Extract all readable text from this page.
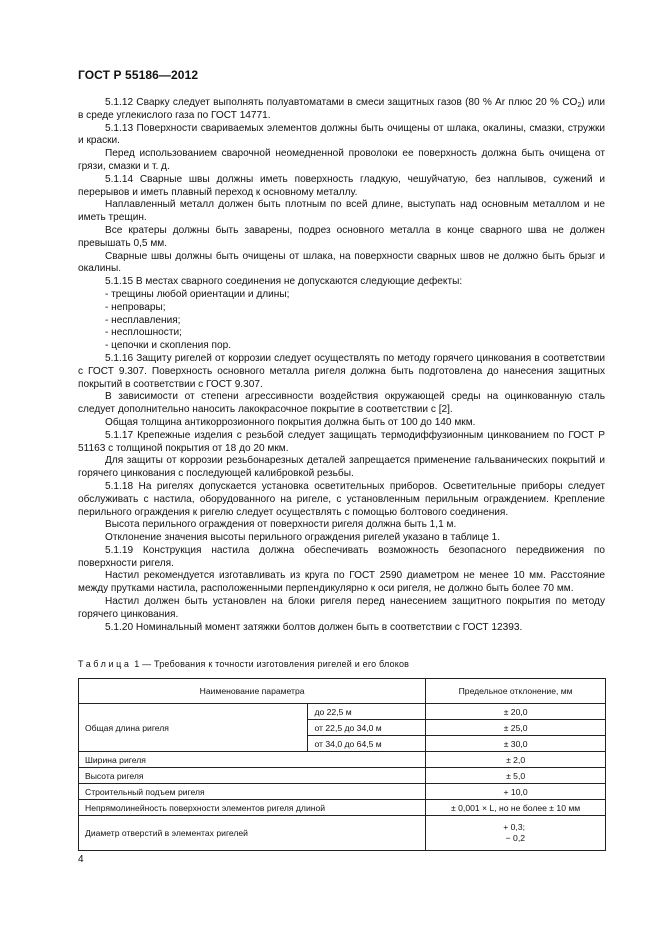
ГОСТ Р 55186—2012

5.1.12 Сварку следует выполнять полуавтоматами в смеси защитных газов (80 % Ar плюс 20 % $CO_2$) или в среде углекислого газа по ГОСТ 14771.

5.1.13 Поверхности свариваемых элементов должны быть очищены от шлака, окалины, смазки, стружки и краски.

Перед использованием сварочной неомедненной проволоки ее поверхность должна быть очищена от грязи, смазки и т. д.

5.1.14 Сварные швы должны иметь поверхность гладкую, чешуйчатую, без наплывов, сужений и перерывов и иметь плавный переход к основному металлу.

Наплавленный металл должен быть плотным по всей длине, выступать над основным металлом и не иметь трещин.

Все кратеры должны быть заварены, подрез основного металла в конце сварного шва не должен превышать 0,5 мм.

Сварные швы должны быть очищены от шлака, на поверхности сварных швов не должно быть брызг и окалины.

5.1.15 В местах сварного соединения не допускаются следующие дефекты:

- трещины любой ориентации и длины;

- непровары;

- несплавления;

- несплошности;

- цепочки и скопления пор.

5.1.16 Защиту ригелей от коррозии следует осуществлять по методу горячего цинкования в соответствии с ГОСТ 9.307. Поверхность основного металла ригеля должна быть подготовлена до нанесения защитных покрытий в соответствии с ГОСТ 9.307.

В зависимости от степени агрессивности воздействия окружающей среды на оцинкованную сталь следует дополнительно наносить лакокрасочное покрытие в соответствии с [2].

Общая толщина антикоррозионного покрытия должна быть от 100 до 140 мкм.

5.1.17 Крепежные изделия с резьбой следует защищать термодиффузионным цинкованием по ГОСТ Р 51163 с толщиной покрытия от 18 до 20 мкм.

Для защиты от коррозии резьбонарезных деталей запрещается применение гальванических покрытий и горячего цинкования с последующей калибровкой резьбы.

5.1.18 На ригелях допускается установка осветительных приборов. Осветительные приборы следует обслуживать с настила, оборудованного на ригеле, с установленным перильным ограждением. Крепление перильного ограждения к ригелю следует осуществлять с помощью болтового соединения.

Высота перильного ограждения от поверхности ригеля должна быть 1,1 м.

Отклонение значения высоты перильного ограждения ригелей указано в таблице 1.

5.1.19 Конструкция настила должна обеспечивать возможность безопасного передвижения по поверхности ригеля.

Настил рекомендуется изготавливать из круга по ГОСТ 2590 диаметром не менее 10 мм. Расстояние между прутками настила, расположенными перпендикулярно к оси ригеля, не должно быть более 70 мм.

Настил должен быть установлен на блоки ригеля перед нанесением защитного покрытия по методу горячего цинкования.

5.1.20 Номинальный момент затяжки болтов должен быть в соответствии с ГОСТ 12393.

Таблица 1 — Требования к точности изготовления ригелей и его блоков
Наименование параметра		Предельное отклонение, мм
Общая длина ригеля	до 22,5 м	± 20,0
	от 22,5 до 34,0 м	± 25,0
	от 34,0 до 64,5 м	± 30,0
Ширина ригеля		± 2,0
Высота ригеля		± 5,0
Строительный подъем ригеля		+ 10,0
Непрямолинейность поверхности элементов ригеля длиной		± 0,001 × L, но не более ± 10 мм
Диаметр отверстий в элементах ригелей		+ 0,3;
− 0,2
4
